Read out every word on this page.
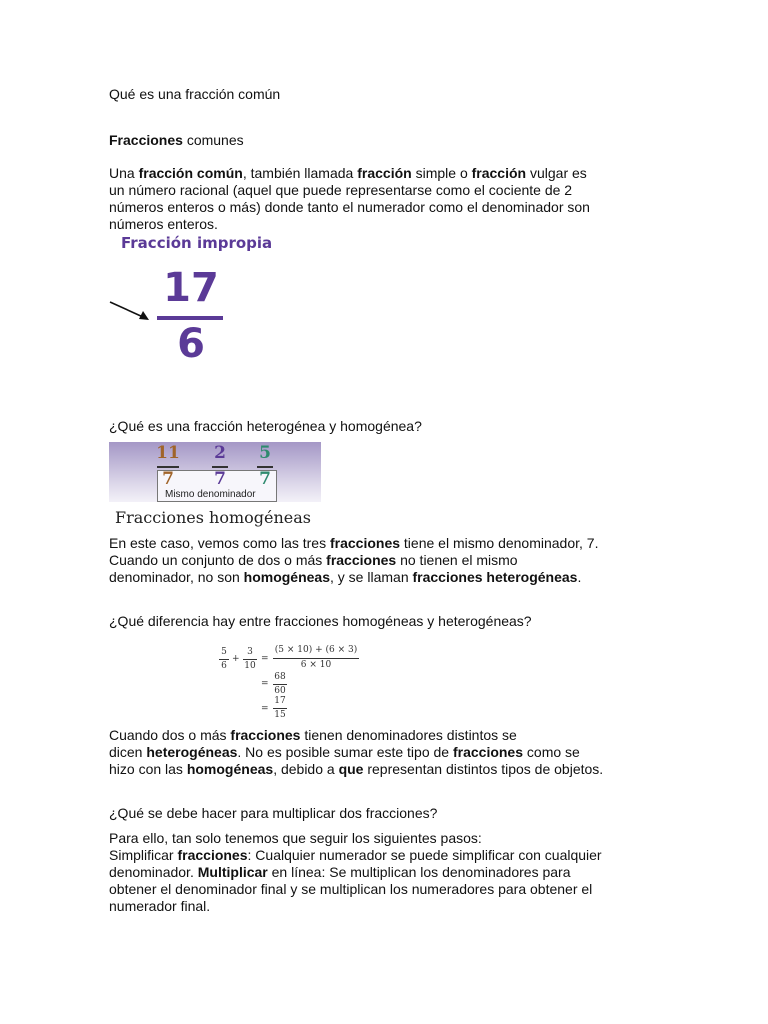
Qué es una fracción común
Fracciones comunes
Una fracción común, también llamada fracción simple o fracción vulgar es
un número racional (aquel que puede representarse como el cociente de 2
números enteros o más) donde tanto el numerador como el denominador son
números enteros.
Fracción impropia
17
6
¿Qué es una fracción heterogénea y homogénea?
11
7
2
7
5
7
Mismo denominador
Fracciones homogéneas
En este caso, vemos como las tres fracciones tiene el mismo denominador, 7.
Cuando un conjunto de dos o más fracciones no tienen el mismo
denominador, no son homogéneas, y se llaman fracciones heterogéneas.
¿Qué diferencia hay entre fracciones homogéneas y heterogéneas?
5
6
+
3
10
=
(5 × 10) + (6 × 3)
6 × 10
=
68
60
=
17
15
Cuando dos o más fracciones tienen denominadores distintos se
dicen heterogéneas. No es posible sumar este tipo de fracciones como se
hizo con las homogéneas, debido a que representan distintos tipos de objetos.
¿Qué se debe hacer para multiplicar dos fracciones?
Para ello, tan solo tenemos que seguir los siguientes pasos:
Simplificar fracciones: Cualquier numerador se puede simplificar con cualquier
denominador. Multiplicar en línea: Se multiplican los denominadores para
obtener el denominador final y se multiplican los numeradores para obtener el
numerador final.
